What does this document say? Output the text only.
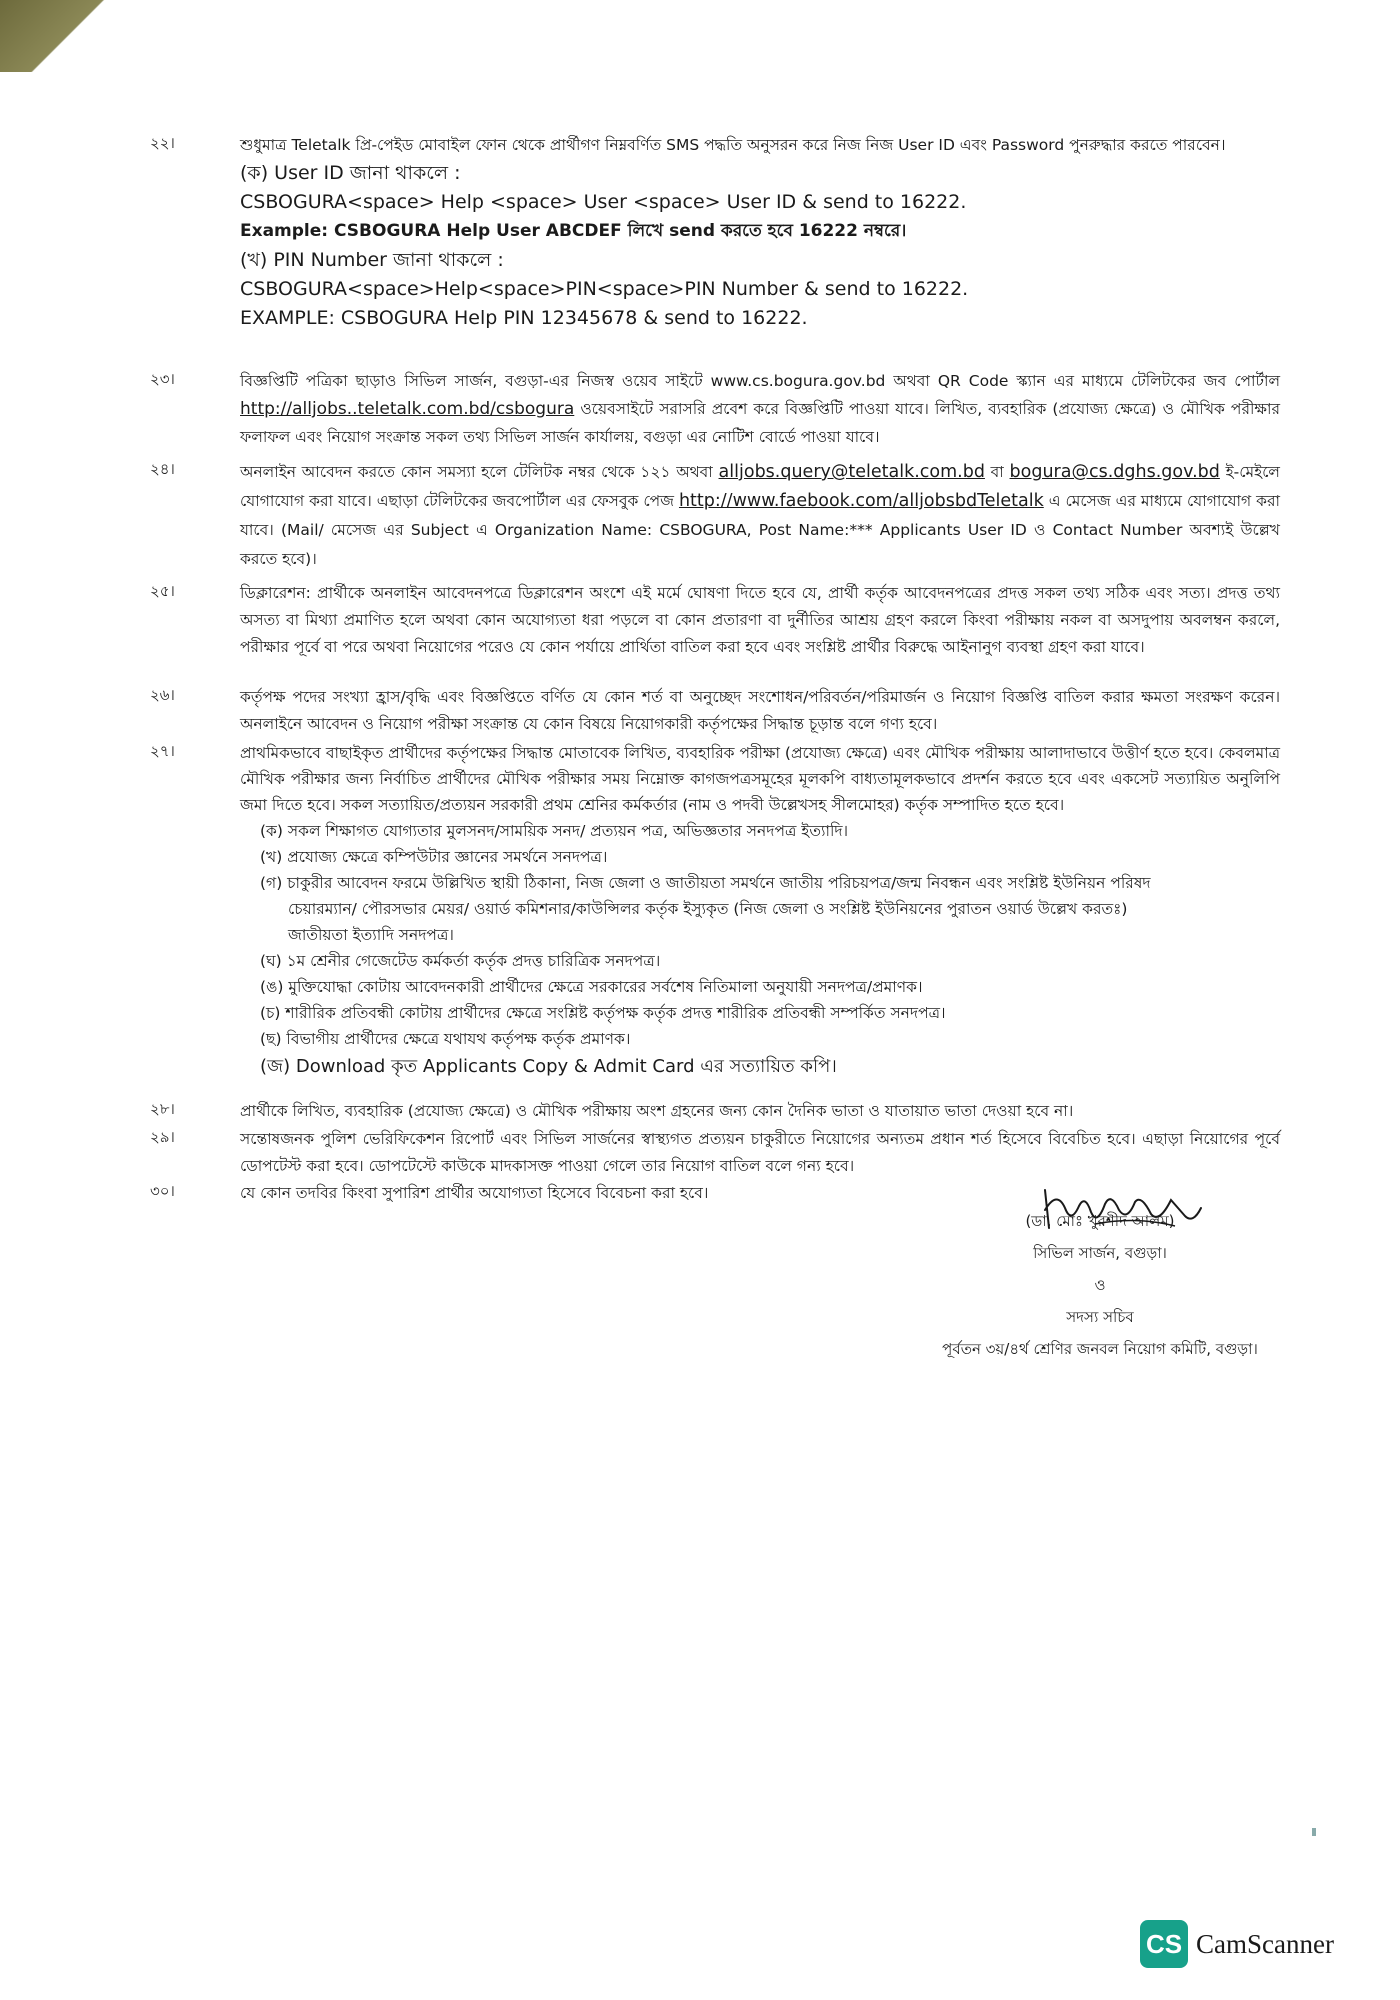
২২।	শুধুমাত্র Teletalk প্রি-পেইড মোবাইল ফোন থেকে প্রার্থীগণ নিম্নবর্ণিত SMS পদ্ধতি অনুসরন করে নিজ নিজ User ID এবং Password পুনরুদ্ধার করতে পারবেন।

(ক) User ID জানা থাকলে :

CSBOGURA<space> Help <space> User <space> User ID & send to 16222.

Example: CSBOGURA Help User ABCDEF লিখে send করতে হবে 16222 নম্বরে।

(খ) PIN Number জানা থাকলে :

CSBOGURA<space>Help<space>PIN<space>PIN Number & send to 16222.

EXAMPLE: CSBOGURA Help PIN 12345678 & send to 16222.

২৩।	বিজ্ঞপ্তিটি পত্রিকা ছাড়াও সিভিল সার্জন, বগুড়া-এর নিজস্ব ওয়েব সাইটে www.cs.bogura.gov.bd অথবা QR Code স্ক্যান এর মাধ্যমে টেলিটকের জব পোর্টাল http://alljobs..teletalk.com.bd/csbogura ওয়েবসাইটে সরাসরি প্রবেশ করে বিজ্ঞপ্তিটি পাওয়া যাবে। লিখিত, ব্যবহারিক (প্রযোজ্য ক্ষেত্রে) ও মৌখিক পরীক্ষার ফলাফল এবং নিয়োগ সংক্রান্ত সকল তথ্য সিভিল সার্জন কার্যালয়, বগুড়া এর নোটিশ বোর্ডে পাওয়া যাবে।

২৪।	অনলাইন আবেদন করতে কোন সমস্যা হলে টেলিটক নম্বর থেকে ১২১ অথবা alljobs.query@teletalk.com.bd বা bogura@cs.dghs.gov.bd ই-মেইলে যোগাযোগ করা যাবে। এছাড়া টেলিটকের জবপোর্টাল এর ফেসবুক পেজ http://www.faebook.com/alljobsbdTeletalk এ মেসেজ এর মাধ্যমে যোগাযোগ করা যাবে। (Mail/ মেসেজ এর Subject এ Organization Name: CSBOGURA, Post Name:*** Applicants User ID ও Contact Number অবশ্যই উল্লেখ করতে হবে)।

২৫।	ডিক্লারেশন: প্রার্থীকে অনলাইন আবেদনপত্রে ডিক্লারেশন অংশে এই মর্মে ঘোষণা দিতে হবে যে, প্রার্থী কর্তৃক আবেদনপত্রের প্রদত্ত সকল তথ্য সঠিক এবং সত্য। প্রদত্ত তথ্য অসত্য বা মিথ্যা প্রমাণিত হলে অথবা কোন অযোগ্যতা ধরা পড়লে বা কোন প্রতারণা বা দুর্নীতির আশ্রয় গ্রহণ করলে কিংবা পরীক্ষায় নকল বা অসদুপায় অবলম্বন করলে, পরীক্ষার পূর্বে বা পরে অথবা নিয়োগের পরেও যে কোন পর্যায়ে প্রার্থিতা বাতিল করা হবে এবং সংশ্লিষ্ট প্রার্থীর বিরুদ্ধে আইনানুগ ব্যবস্থা গ্রহণ করা যাবে।

২৬।	কর্তৃপক্ষ পদের সংখ্যা হ্রাস/বৃদ্ধি এবং বিজ্ঞপ্তিতে বর্ণিত যে কোন শর্ত বা অনুচ্ছেদ সংশোধন/পরিবর্তন/পরিমার্জন ও নিয়োগ বিজ্ঞপ্তি বাতিল করার ক্ষমতা সংরক্ষণ করেন। অনলাইনে আবেদন ও নিয়োগ পরীক্ষা সংক্রান্ত যে কোন বিষয়ে নিয়োগকারী কর্তৃপক্ষের সিদ্ধান্ত চূড়ান্ত বলে গণ্য হবে।

২৭।	প্রাথমিকভাবে বাছাইকৃত প্রার্থীদের কর্তৃপক্ষের সিদ্ধান্ত মোতাবেক লিখিত, ব্যবহারিক পরীক্ষা (প্রযোজ্য ক্ষেত্রে) এবং মৌখিক পরীক্ষায় আলাদাভাবে উত্তীর্ণ হতে হবে। কেবলমাত্র মৌখিক পরীক্ষার জন্য নির্বাচিত প্রার্থীদের মৌখিক পরীক্ষার সময় নিম্নোক্ত কাগজপত্রসমূহের মূলকপি বাধ্যতামূলকভাবে প্রদর্শন করতে হবে এবং একসেট সত্যায়িত অনুলিপি জমা দিতে হবে। সকল সত্যায়িত/প্রত্যয়ন সরকারী প্রথম শ্রেনির কর্মকর্তার (নাম ও পদবী উল্লেখসহ সীলমোহর) কর্তৃক সম্পাদিত হতে হবে।

(ক) সকল শিক্ষাগত যোগ্যতার মুলসনদ/সাময়িক সনদ/ প্রত্যয়ন পত্র, অভিজ্ঞতার সনদপত্র ইত্যাদি।

(খ) প্রযোজ্য ক্ষেত্রে কম্পিউটার জ্ঞানের সমর্থনে সনদপত্র।

(গ) চাকুরীর আবেদন ফরমে উল্লিখিত স্থায়ী ঠিকানা, নিজ জেলা ও জাতীয়তা সমর্থনে জাতীয় পরিচয়পত্র/জন্ম নিবন্ধন এবং সংশ্লিষ্ট ইউনিয়ন পরিষদ

চেয়ারম্যান/ পৌরসভার মেয়র/ ওয়ার্ড কমিশনার/কাউন্সিলর কর্তৃক ইস্যুকৃত (নিজ জেলা ও সংশ্লিষ্ট ইউনিয়নের পুরাতন ওয়ার্ড উল্লেখ করতঃ)

জাতীয়তা ইত্যাদি সনদপত্র।

(ঘ) ১ম শ্রেনীর গেজেটেড কর্মকর্তা কর্তৃক প্রদত্ত চারিত্রিক সনদপত্র।

(ঙ) মুক্তিযোদ্ধা কোটায় আবেদনকারী প্রার্থীদের ক্ষেত্রে সরকারের সর্বশেষ নিতিমালা অনুযায়ী সনদপত্র/প্রমাণক।

(চ) শারীরিক প্রতিবন্ধী কোটায় প্রার্থীদের ক্ষেত্রে সংশ্লিষ্ট কর্তৃপক্ষ কর্তৃক প্রদত্ত শারীরিক প্রতিবন্ধী সম্পর্কিত সনদপত্র।

(ছ) বিভাগীয় প্রার্থীদের ক্ষেত্রে যথাযথ কর্তৃপক্ষ কর্তৃক প্রমাণক।

(জ) Download কৃত Applicants Copy & Admit Card এর সত্যায়িত কপি।

২৮।	প্রার্থীকে লিখিত, ব্যবহারিক (প্রযোজ্য ক্ষেত্রে) ও মৌখিক পরীক্ষায় অংশ গ্রহনের জন্য কোন দৈনিক ভাতা ও যাতায়াত ভাতা দেওয়া হবে না।

২৯।	সন্তোষজনক পুলিশ ভেরিফিকেশন রিপোর্ট এবং সিভিল সার্জনের স্বাস্থ্যগত প্রত্যয়ন চাকুরীতে নিয়োগের অন্যতম প্রধান শর্ত হিসেবে বিবেচিত হবে। এছাড়া নিয়োগের পূর্বে ডোপটেস্ট করা হবে। ডোপটেস্টে কাউকে মাদকাসক্ত পাওয়া গেলে তার নিয়োগ বাতিল বলে গন্য হবে।

৩০।	যে কোন তদবির কিংবা সুপারিশ প্রার্থীর অযোগ্যতা হিসেবে বিবেচনা করা হবে।

(ডা. মোঃ খুরশীদ আলম)

সিভিল সার্জন, বগুড়া।

ও

সদস্য সচিব

পূর্বতন ৩য়/৪র্থ শ্রেণির জনবল নিয়োগ কমিটি, বগুড়া।

CS CamScanner
